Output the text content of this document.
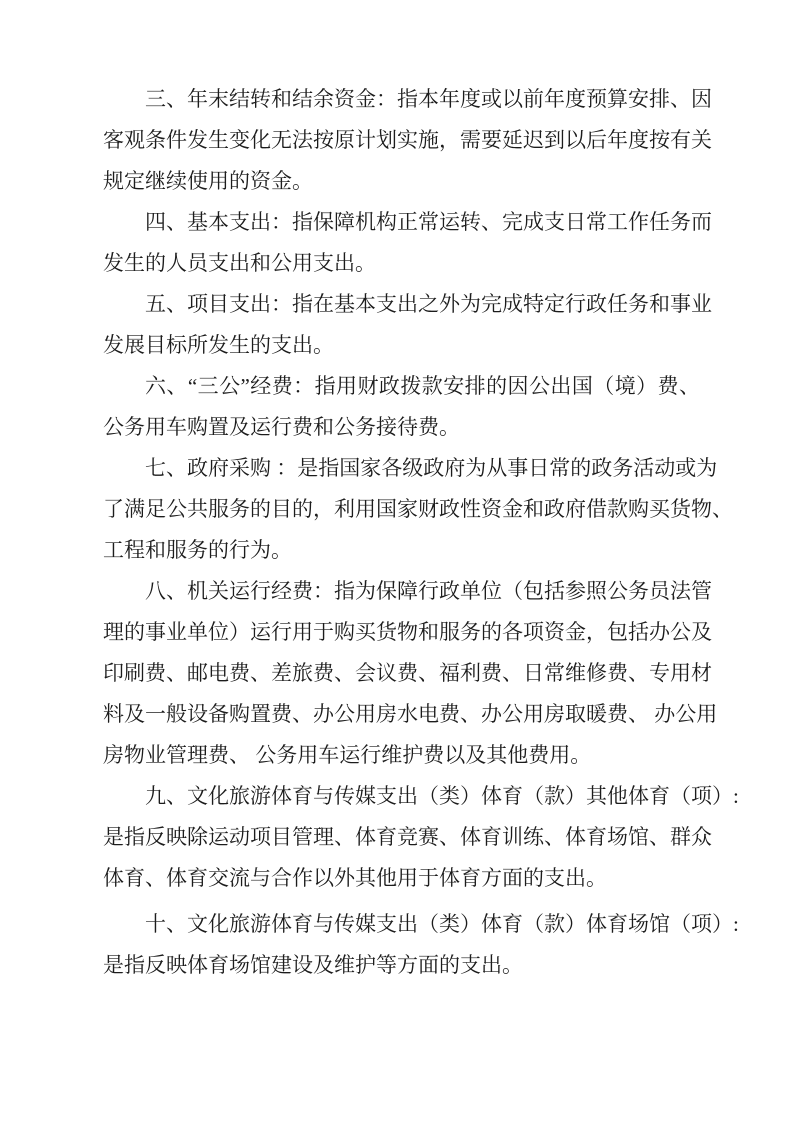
三、年末结转和结余资金：指本年度或以前年度预算安排、因
客观条件发生变化无法按原计划实施，需要延迟到以后年度按有关
规定继续使用的资金。
四、基本支出：指保障机构正常运转、完成支日常工作任务而
发生的人员支出和公用支出。
五、项目支出：指在基本支出之外为完成特定行政任务和事业
发展目标所发生的支出。
六、“三公”经费：指用财政拨款安排的因公出国（境）费、
公务用车购置及运行费和公务接待费。
七、政府采购 ：是指国家各级政府为从事日常的政务活动或为
了满足公共服务的目的，利用国家财政性资金和政府借款购买货物、
工程和服务的行为。
八、机关运行经费：指为保障行政单位（包括参照公务员法管
理的事业单位）运行用于购买货物和服务的各项资金，包括办公及
印刷费、邮电费、差旅费、会议费、福利费、日常维修费、专用材
料及一般设备购置费、办公用房水电费、办公用房取暖费、 办公用
房物业管理费、 公务用车运行维护费以及其他费用。
九、文化旅游体育与传媒支出（类）体育（款）其他体育（项）:
是指反映除运动项目管理、体育竞赛、体育训练、体育场馆、群众
体育、体育交流与合作以外其他用于体育方面的支出。
十、文化旅游体育与传媒支出（类）体育（款）体育场馆（项）:
是指反映体育场馆建设及维护等方面的支出。
